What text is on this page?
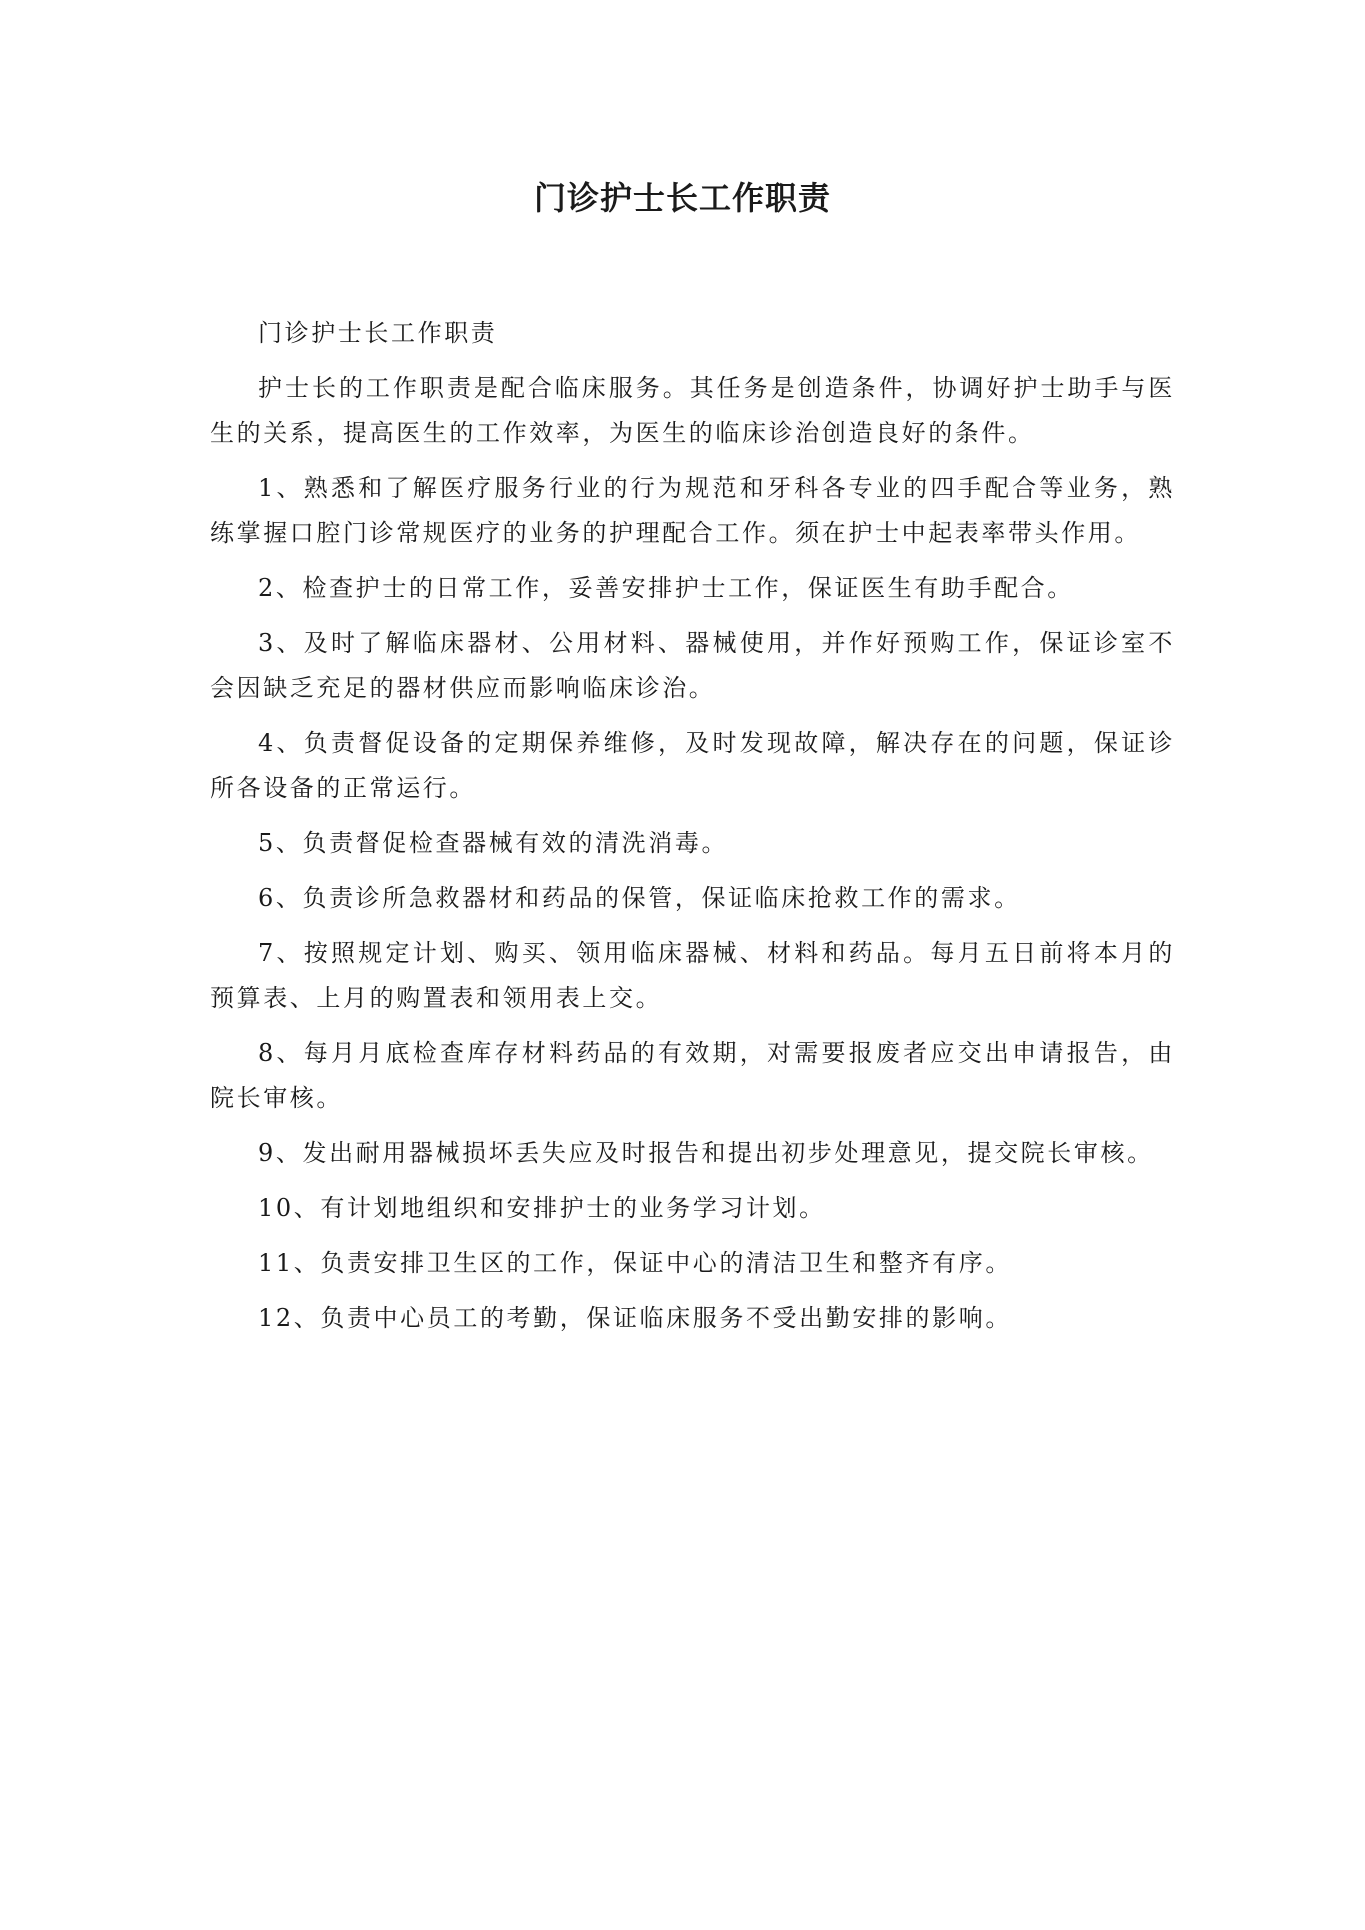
门诊护士长工作职责

门诊护士长工作职责

护士长的工作职责是配合临床服务。其任务是创造条件，协调好护士助手与医生的关系，提高医生的工作效率，为医生的临床诊治创造良好的条件。

1、熟悉和了解医疗服务行业的行为规范和牙科各专业的四手配合等业务，熟练掌握口腔门诊常规医疗的业务的护理配合工作。须在护士中起表率带头作用。

2、检查护士的日常工作，妥善安排护士工作，保证医生有助手配合。

3、及时了解临床器材、公用材料、器械使用，并作好预购工作，保证诊室不会因缺乏充足的器材供应而影响临床诊治。

4、负责督促设备的定期保养维修，及时发现故障，解决存在的问题，保证诊所各设备的正常运行。

5、负责督促检查器械有效的清洗消毒。

6、负责诊所急救器材和药品的保管，保证临床抢救工作的需求。

7、按照规定计划、购买、领用临床器械、材料和药品。每月五日前将本月的预算表、上月的购置表和领用表上交。

8、每月月底检查库存材料药品的有效期，对需要报废者应交出申请报告，由院长审核。

9、发出耐用器械损坏丢失应及时报告和提出初步处理意见，提交院长审核。

10、有计划地组织和安排护士的业务学习计划。

11、负责安排卫生区的工作，保证中心的清洁卫生和整齐有序。

12、负责中心员工的考勤，保证临床服务不受出勤安排的影响。
